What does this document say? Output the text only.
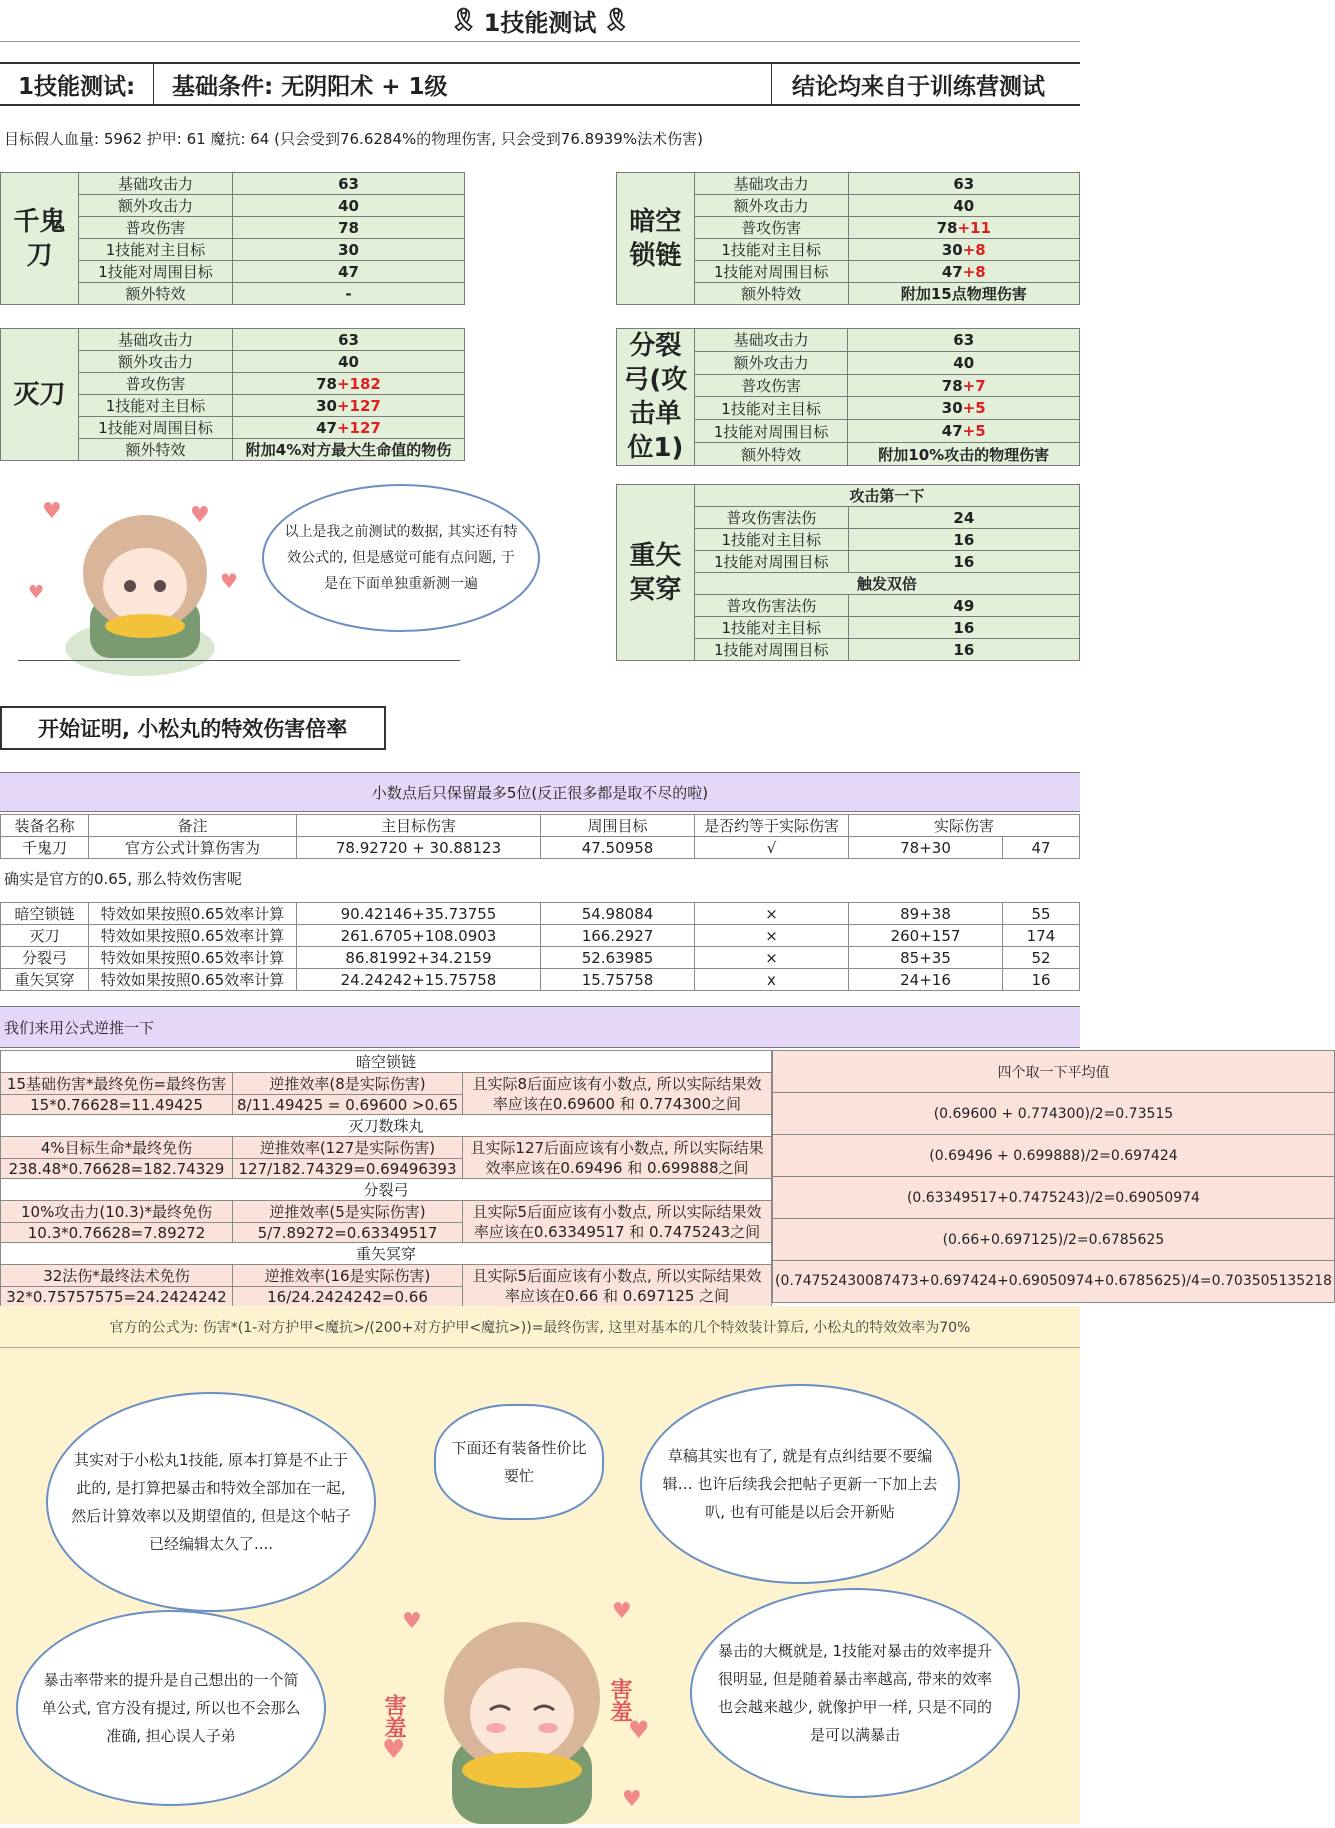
🎗 1技能测试 🎗
1技能测试:	基础条件: 无阴阳术 + 1级	结论均来自于训练营测试
目标假人血量: 5962 护甲: 61 魔抗: 64 (只会受到76.6284%的物理伤害, 只会受到76.8939%法术伤害)
千鬼刀	基础攻击力	63
	额外攻击力	40
	普攻伤害	78
	1技能对主目标	30
	1技能对周围目标	47
	额外特效	-
暗空锁链	基础攻击力	63
	额外攻击力	40
	普攻伤害	78+11
	1技能对主目标	30+8
	1技能对周围目标	47+8
	额外特效	附加15点物理伤害
灭刀	基础攻击力	63
	额外攻击力	40
	普攻伤害	78+182
	1技能对主目标	30+127
	1技能对周围目标	47+127
	额外特效	附加4%对方最大生命值的物伤
分裂弓(攻击单位1)	基础攻击力	63
	额外攻击力	40
	普攻伤害	78+7
	1技能对主目标	30+5
	1技能对周围目标	47+5
	额外特效	附加10%攻击的物理伤害
重矢冥穿	攻击第一下	
	普攻伤害法伤	24
	1技能对主目标	16
	1技能对周围目标	16
	触发双倍	
	普攻伤害法伤	49
	1技能对主目标	16
	1技能对周围目标	16
♥	♥
♥
♥
以上是我之前测试的数据, 其实还有特效公式的, 但是感觉可能有点问题, 于是在下面单独重新测一遍
开始证明, 小松丸的特效伤害倍率
小数点后只保留最多5位(反正很多都是取不尽的啦)
装备名称	备注	主目标伤害	周围目标	是否约等于实际伤害	实际伤害	
千鬼刀	官方公式计算伤害为	78.92720 + 30.88123	47.50958	√	78+30	47
确实是官方的0.65, 那么特效伤害呢
暗空锁链	特效如果按照0.65效率计算	90.42146+35.73755	54.98084	×	89+38	55
灭刀	特效如果按照0.65效率计算	261.6705+108.0903	166.2927	×	260+157	174
分裂弓	特效如果按照0.65效率计算	86.81992+34.2159	52.63985	×	85+35	52
重矢冥穿	特效如果按照0.65效率计算	24.24242+15.75758	15.75758	x	24+16	16
我们来用公式逆推一下
暗空锁链		
15基础伤害*最终免伤=最终伤害	逆推效率(8是实际伤害)	且实际8后面应该有小数点, 所以实际结果效率应该在0.69600 和 0.774300之间
15*0.76628=11.49425	8/11.49425 = 0.69600 >0.65	
灭刀数珠丸		
4%目标生命*最终免伤	逆推效率(127是实际伤害)	且实际127后面应该有小数点, 所以实际结果效率应该在0.69496 和 0.699888之间
238.48*0.76628=182.74329	127/182.74329=0.69496393	
分裂弓		
10%攻击力(10.3)*最终免伤	逆推效率(5是实际伤害)	且实际5后面应该有小数点, 所以实际结果效率应该在0.63349517 和 0.7475243之间
10.3*0.76628=7.89272	5/7.89272=0.63349517	
重矢冥穿		
32法伤*最终法术免伤	逆推效率(16是实际伤害)	且实际5后面应该有小数点, 所以实际结果效率应该在0.66 和 0.697125 之间
32*0.75757575=24.2424242	16/24.2424242=0.66	
四个取一下平均值
(0.69600 + 0.774300)/2=0.73515
(0.69496 + 0.699888)/2=0.697424
(0.63349517+0.7475243)/2=0.69050974
(0.66+0.697125)/2=0.6785625
(0.74752430087473+0.697424+0.69050974+0.6785625)/4=0.703505135218
官方的公式为: 伤害*(1-对方护甲<魔抗>/(200+对方护甲<魔抗>))=最终伤害, 这里对基本的几个特效装计算后, 小松丸的特效效率为70%
其实对于小松丸1技能, 原本打算是不止于此的, 是打算把暴击和特效全部加在一起, 然后计算效率以及期望值的, 但是这个帖子已经编辑太久了....
下面还有装备性价比要忙
草稿其实也有了, 就是有点纠结要不要编辑… 也许后续我会把帖子更新一下加上去叭, 也有可能是以后会开新贴
暴击率带来的提升是自己想出的一个简单公式, 官方没有提过, 所以也不会那么准确, 担心误人子弟
暴击的大概就是, 1技能对暴击的效率提升很明显, 但是随着暴击率越高, 带来的效率也会越来越少, 就像护甲一样, 只是不同的是可以满暴击
♥	♥
♥
♥
♥
害羞	害羞
